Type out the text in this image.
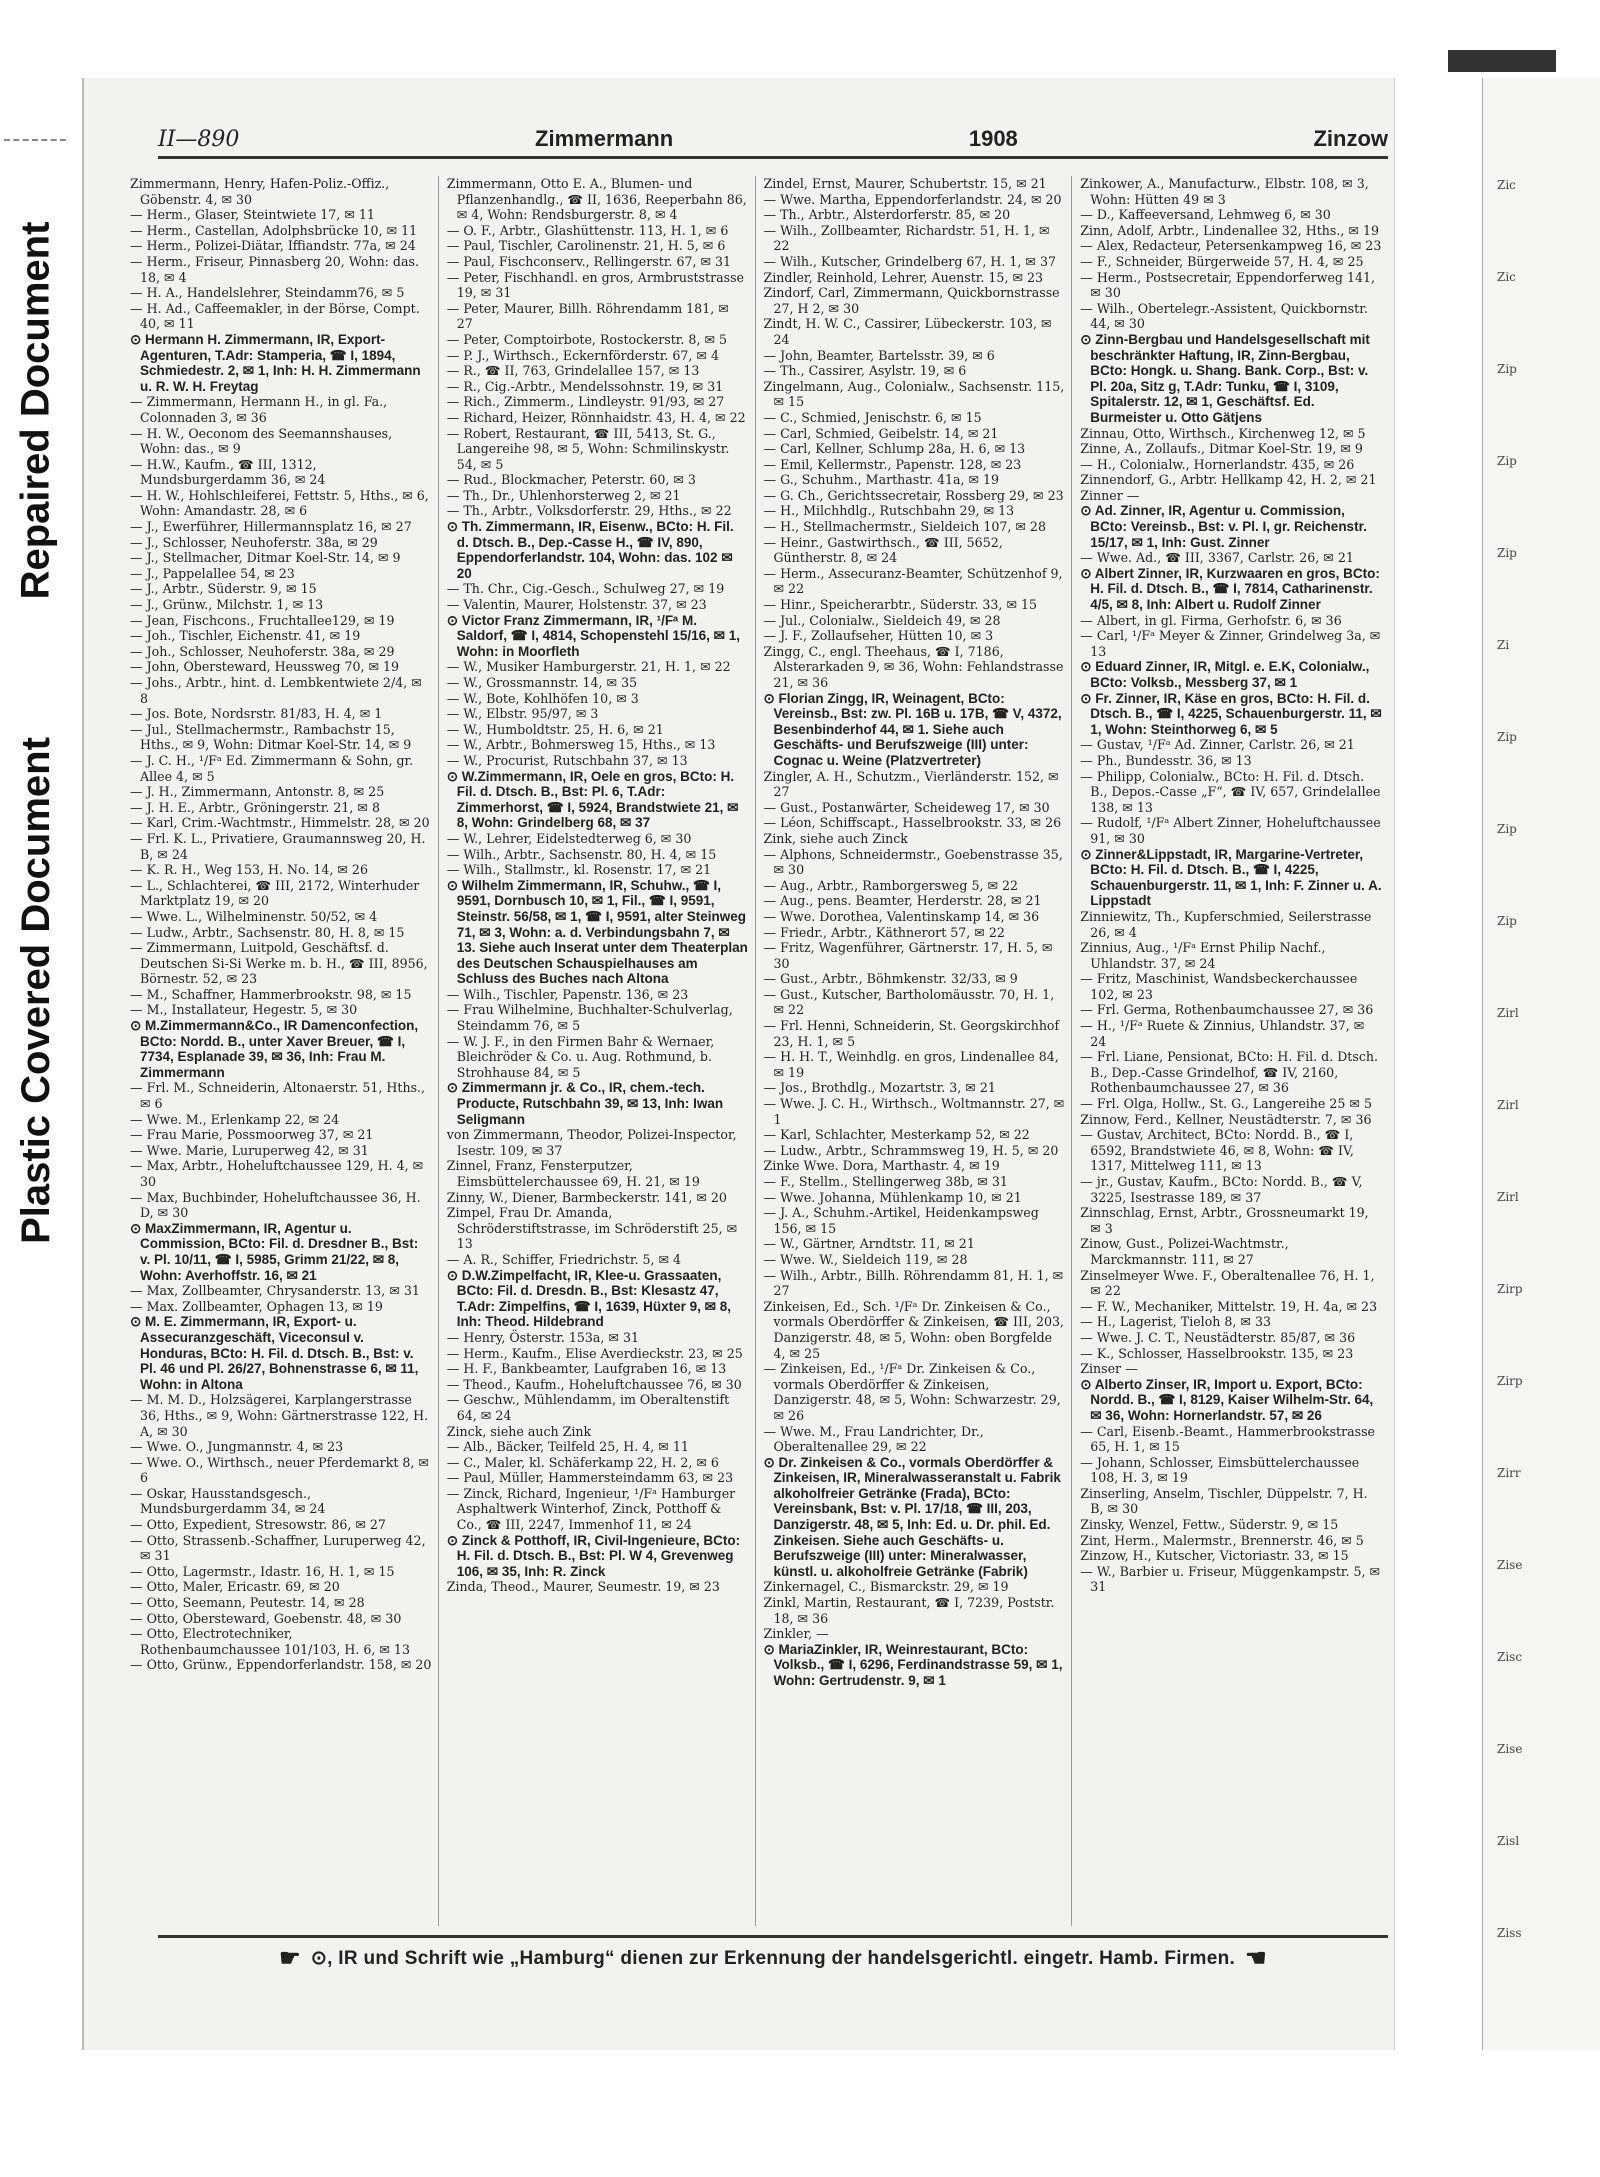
Repaired Document
Plastic Covered Document
Zic
Zic
Zip
Zip
Zip
Zi
Zip
Zip
Zip
Zirl
Zirl
Zirl
Zirp
Zirp
Zirr
Zise
Zisc
Zise
Zisl
Ziss
II—890	Zimmermann	1908	Zinzow
Zimmermann, Henry, Hafen-Poliz.-Offiz., Göbenstr. 4, ✉ 30
— Herm., Glaser, Steintwiete 17, ✉ 11
— Herm., Castellan, Adolphsbrücke 10, ✉ 11
— Herm., Polizei-Diätar, Iffiandstr. 77a, ✉ 24
— Herm., Friseur, Pinnasberg 20, Wohn: das. 18, ✉ 4
— H. A., Handelslehrer, Steindamm76, ✉ 5
— H. Ad., Caffeemakler, in der Börse, Compt. 40, ✉ 11
⊙ Hermann H. Zimmermann, IR, Export-Agenturen, T.Adr: Stamperia, ☎ I, 1894, Schmiedestr. 2, ✉ 1, Inh: H. H. Zimmermann u. R. W. H. Freytag
— Zimmermann, Hermann H., in gl. Fa., Colonnaden 3, ✉ 36
— H. W., Oeconom des Seemannshauses, Wohn: das., ✉ 9
— H.W., Kaufm., ☎ III, 1312, Mundsburgerdamm 36, ✉ 24
— H. W., Hohlschleiferei, Fettstr. 5, Hths., ✉ 6, Wohn: Amandastr. 28, ✉ 6
— J., Ewerführer, Hillermannsplatz 16, ✉ 27
— J., Schlosser, Neuhoferstr. 38a, ✉ 29
— J., Stellmacher, Ditmar Koel-Str. 14, ✉ 9
— J., Pappelallee 54, ✉ 23
— J., Arbtr., Süderstr. 9, ✉ 15
— J., Grünw., Milchstr. 1, ✉ 13
— Jean, Fischcons., Fruchtallee129, ✉ 19
— Joh., Tischler, Eichenstr. 41, ✉ 19
— Joh., Schlosser, Neuhoferstr. 38a, ✉ 29
— John, Obersteward, Heussweg 70, ✉ 19
— Johs., Arbtr., hint. d. Lembkentwiete 2/4, ✉ 8
— Jos. Bote, Nordsrstr. 81/83, H. 4, ✉ 1
— Jul., Stellmachermstr., Rambachstr 15, Hths., ✉ 9, Wohn: Ditmar Koel-Str. 14, ✉ 9
— J. C. H., ¹/Fᵃ Ed. Zimmermann & Sohn, gr. Allee 4, ✉ 5
— J. H., Zimmermann, Antonstr. 8, ✉ 25
— J. H. E., Arbtr., Gröningerstr. 21, ✉ 8
— Karl, Crim.-Wachtmstr., Himmelstr. 28, ✉ 20
— Frl. K. L., Privatiere, Graumannsweg 20, H. B, ✉ 24
— K. R. H., Weg 153, H. No. 14, ✉ 26
— L., Schlachterei, ☎ III, 2172, Winterhuder Marktplatz 19, ✉ 20
— Wwe. L., Wilhelminenstr. 50/52, ✉ 4
— Ludw., Arbtr., Sachsenstr. 80, H. 8, ✉ 15
— Zimmermann, Luitpold, Geschäftsf. d. Deutschen Si-Si Werke m. b. H., ☎ III, 8956, Börnestr. 52, ✉ 23
— M., Schaffner, Hammerbrookstr. 98, ✉ 15
— M., Installateur, Hegestr. 5, ✉ 30
⊙ M.Zimmermann&Co., IR Damenconfection, BCto: Nordd. B., unter Xaver Breuer, ☎ I, 7734, Esplanade 39, ✉ 36, Inh: Frau M. Zimmermann
— Frl. M., Schneiderin, Altonaerstr. 51, Hths., ✉ 6
— Wwe. M., Erlenkamp 22, ✉ 24
— Frau Marie, Possmoorweg 37, ✉ 21
— Wwe. Marie, Luruperweg 42, ✉ 31
— Max, Arbtr., Hoheluftchaussee 129, H. 4, ✉ 30
— Max, Buchbinder, Hoheluftchaussee 36, H. D, ✉ 30
⊙ MaxZimmermann, IR, Agentur u. Commission, BCto: Fil. d. Dresdner B., Bst: v. Pl. 10/11, ☎ I, 5985, Grimm 21/22, ✉ 8, Wohn: Averhoffstr. 16, ✉ 21
— Max, Zollbeamter, Chrysanderstr. 13, ✉ 31
— Max. Zollbeamter, Ophagen 13, ✉ 19
⊙ M. E. Zimmermann, IR, Export- u. Assecuranzgeschäft, Viceconsul v. Honduras, BCto: H. Fil. d. Dtsch. B., Bst: v. Pl. 46 und Pl. 26/27, Bohnenstrasse 6, ✉ 11, Wohn: in Altona
— M. M. D., Holzsägerei, Karplangerstrasse 36, Hths., ✉ 9, Wohn: Gärtnerstrasse 122, H. A, ✉ 30
— Wwe. O., Jungmannstr. 4, ✉ 23
— Wwe. O., Wirthsch., neuer Pferdemarkt 8, ✉ 6
— Oskar, Hausstandsgesch., Mundsburgerdamm 34, ✉ 24
— Otto, Expedient, Stresowstr. 86, ✉ 27
— Otto, Strassenb.-Schaffner, Luruperweg 42, ✉ 31
— Otto, Lagermstr., Idastr. 16, H. 1, ✉ 15
— Otto, Maler, Ericastr. 69, ✉ 20
— Otto, Seemann, Peutestr. 14, ✉ 28
— Otto, Obersteward, Goebenstr. 48, ✉ 30
— Otto, Electrotechniker, Rothenbaumchaussee 101/103, H. 6, ✉ 13
— Otto, Grünw., Eppendorferlandstr. 158, ✉ 20
Zimmermann, Otto E. A., Blumen- und Pflanzenhandlg., ☎ II, 1636, Reeperbahn 86, ✉ 4, Wohn: Rendsburgerstr. 8, ✉ 4
— O. F., Arbtr., Glashüttenstr. 113, H. 1, ✉ 6
— Paul, Tischler, Carolinenstr. 21, H. 5, ✉ 6
— Paul, Fischconserv., Rellingerstr. 67, ✉ 31
— Peter, Fischhandl. en gros, Armbruststrasse 19, ✉ 31
— Peter, Maurer, Billh. Röhrendamm 181, ✉ 27
— Peter, Comptoirbote, Rostockerstr. 8, ✉ 5
— P. J., Wirthsch., Eckernförderstr. 67, ✉ 4
— R., ☎ II, 763, Grindelallee 157, ✉ 13
— R., Cig.-Arbtr., Mendelssohnstr. 19, ✉ 31
— Rich., Zimmerm., Lindleystr. 91/93, ✉ 27
— Richard, Heizer, Rönnhaidstr. 43, H. 4, ✉ 22
— Robert, Restaurant, ☎ III, 5413, St. G., Langereihe 98, ✉ 5, Wohn: Schmilinskystr. 54, ✉ 5
— Rud., Blockmacher, Peterstr. 60, ✉ 3
— Th., Dr., Uhlenhorsterweg 2, ✉ 21
— Th., Arbtr., Volksdorferstr. 29, Hths., ✉ 22
⊙ Th. Zimmermann, IR, Eisenw., BCto: H. Fil. d. Dtsch. B., Dep.-Casse H., ☎ IV, 890, Eppendorferlandstr. 104, Wohn: das. 102 ✉ 20
— Th. Chr., Cig.-Gesch., Schulweg 27, ✉ 19
— Valentin, Maurer, Holstenstr. 37, ✉ 23
⊙ Victor Franz Zimmermann, IR, ¹/Fᵃ M. Saldorf, ☎ I, 4814, Schopenstehl 15/16, ✉ 1, Wohn: in Moorfleth
— W., Musiker Hamburgerstr. 21, H. 1, ✉ 22
— W., Grossmannstr. 14, ✉ 35
— W., Bote, Kohlhöfen 10, ✉ 3
— W., Elbstr. 95/97, ✉ 3
— W., Humboldtstr. 25, H. 6, ✉ 21
— W., Arbtr., Bohmersweg 15, Hths., ✉ 13
— W., Procurist, Rutschbahn 37, ✉ 13
⊙ W.Zimmermann, IR, Oele en gros, BCto: H. Fil. d. Dtsch. B., Bst: Pl. 6, T.Adr: Zimmerhorst, ☎ I, 5924, Brandstwiete 21, ✉ 8, Wohn: Grindelberg 68, ✉ 37
— W., Lehrer, Eidelstedterweg 6, ✉ 30
— Wilh., Arbtr., Sachsenstr. 80, H. 4, ✉ 15
— Wilh., Stallmstr., kl. Rosenstr. 17, ✉ 21
⊙ Wilhelm Zimmermann, IR, Schuhw., ☎ I, 9591, Dornbusch 10, ✉ 1, Fil., ☎ I, 9591, Steinstr. 56/58, ✉ 1, ☎ I, 9591, alter Steinweg 71, ✉ 3, Wohn: a. d. Verbindungsbahn 7, ✉ 13. Siehe auch Inserat unter dem Theaterplan des Deutschen Schauspielhauses am Schluss des Buches nach Altona
— Wilh., Tischler, Papenstr. 136, ✉ 23
— Frau Wilhelmine, Buchhalter-Schulverlag, Steindamm 76, ✉ 5
— W. J. F., in den Firmen Bahr & Wernaer, Bleichröder & Co. u. Aug. Rothmund, b. Strohhause 84, ✉ 5
⊙ Zimmermann jr. & Co., IR, chem.-tech. Producte, Rutschbahn 39, ✉ 13, Inh: Iwan Seligmann
von Zimmermann, Theodor, Polizei-Inspector, Isestr. 109, ✉ 37
Zinnel, Franz, Fensterputzer, Eimsbüttelerchaussee 69, H. 21, ✉ 19
Zinny, W., Diener, Barmbeckerstr. 141, ✉ 20
Zimpel, Frau Dr. Amanda, Schröderstiftstrasse, im Schröderstift 25, ✉ 13
— A. R., Schiffer, Friedrichstr. 5, ✉ 4
⊙ D.W.Zimpelfacht, IR, Klee-u. Grassaaten, BCto: Fil. d. Dresdn. B., Bst: Klesastz 47, T.Adr: Zimpelfins, ☎ I, 1639, Hüxter 9, ✉ 8, Inh: Theod. Hildebrand
— Henry, Österstr. 153a, ✉ 31
— Herm., Kaufm., Elise Averdieckstr. 23, ✉ 25
— H. F., Bankbeamter, Laufgraben 16, ✉ 13
— Theod., Kaufm., Hoheluftchaussee 76, ✉ 30
— Geschw., Mühlendamm, im Oberaltenstift 64, ✉ 24
Zinck, siehe auch Zink
— Alb., Bäcker, Teilfeld 25, H. 4, ✉ 11
— C., Maler, kl. Schäferkamp 22, H. 2, ✉ 6
— Paul, Müller, Hammersteindamm 63, ✉ 23
— Zinck, Richard, Ingenieur, ¹/Fᵃ Hamburger Asphaltwerk Winterhof, Zinck, Potthoff & Co., ☎ III, 2247, Immenhof 11, ✉ 24
⊙ Zinck & Potthoff, IR, Civil-Ingenieure, BCto: H. Fil. d. Dtsch. B., Bst: Pl. W 4, Grevenweg 106, ✉ 35, Inh: R. Zinck
Zinda, Theod., Maurer, Seumestr. 19, ✉ 23
Zindel, Ernst, Maurer, Schubertstr. 15, ✉ 21
— Wwe. Martha, Eppendorferlandstr. 24, ✉ 20
— Th., Arbtr., Alsterdorferstr. 85, ✉ 20
— Wilh., Zollbeamter, Richardstr. 51, H. 1, ✉ 22
— Wilh., Kutscher, Grindelberg 67, H. 1, ✉ 37
Zindler, Reinhold, Lehrer, Auenstr. 15, ✉ 23
Zindorf, Carl, Zimmermann, Quickbornstrasse 27, H 2, ✉ 30
Zindt, H. W. C., Cassirer, Lübeckerstr. 103, ✉ 24
— John, Beamter, Bartelsstr. 39, ✉ 6
— Th., Cassirer, Asylstr. 19, ✉ 6
Zingelmann, Aug., Colonialw., Sachsenstr. 115, ✉ 15
— C., Schmied, Jenischstr. 6, ✉ 15
— Carl, Schmied, Geibelstr. 14, ✉ 21
— Carl, Kellner, Schlump 28a, H. 6, ✉ 13
— Emil, Kellermstr., Papenstr. 128, ✉ 23
— G., Schuhm., Marthastr. 41a, ✉ 19
— G. Ch., Gerichtssecretair, Rossberg 29, ✉ 23
— H., Milchhdlg., Rutschbahn 29, ✉ 13
— H., Stellmachermstr., Sieldeich 107, ✉ 28
— Heinr., Gastwirthsch., ☎ III, 5652, Güntherstr. 8, ✉ 24
— Herm., Assecuranz-Beamter, Schützenhof 9, ✉ 22
— Hinr., Speicherarbtr., Süderstr. 33, ✉ 15
— Jul., Colonialw., Sieldeich 49, ✉ 28
— J. F., Zollaufseher, Hütten 10, ✉ 3
Zingg, C., engl. Theehaus, ☎ I, 7186, Alsterarkaden 9, ✉ 36, Wohn: Fehlandstrasse 21, ✉ 36
⊙ Florian Zingg, IR, Weinagent, BCto: Vereinsb., Bst: zw. Pl. 16B u. 17B, ☎ V, 4372, Besenbinderhof 44, ✉ 1. Siehe auch Geschäfts- und Berufszweige (III) unter: Cognac u. Weine (Platzvertreter)
Zingler, A. H., Schutzm., Vierländerstr. 152, ✉ 27
— Gust., Postanwärter, Scheideweg 17, ✉ 30
— Léon, Schiffscapt., Hasselbrookstr. 33, ✉ 26
Zink, siehe auch Zinck
— Alphons, Schneidermstr., Goebenstrasse 35, ✉ 30
— Aug., Arbtr., Ramborgersweg 5, ✉ 22
— Aug., pens. Beamter, Herderstr. 28, ✉ 21
— Wwe. Dorothea, Valentinskamp 14, ✉ 36
— Friedr., Arbtr., Käthnerort 57, ✉ 22
— Fritz, Wagenführer, Gärtnerstr. 17, H. 5, ✉ 30
— Gust., Arbtr., Böhmkenstr. 32/33, ✉ 9
— Gust., Kutscher, Bartholomäusstr. 70, H. 1, ✉ 22
— Frl. Henni, Schneiderin, St. Georgskirchhof 23, H. 1, ✉ 5
— H. H. T., Weinhdlg. en gros, Lindenallee 84, ✉ 19
— Jos., Brothdlg., Mozartstr. 3, ✉ 21
— Wwe. J. C. H., Wirthsch., Woltmannstr. 27, ✉ 1
— Karl, Schlachter, Mesterkamp 52, ✉ 22
— Ludw., Arbtr., Schrammsweg 19, H. 5, ✉ 20
Zinke Wwe. Dora, Marthastr. 4, ✉ 19
— F., Stellm., Stellingerweg 38b, ✉ 31
— Wwe. Johanna, Mühlenkamp 10, ✉ 21
— J. A., Schuhm.-Artikel, Heidenkampsweg 156, ✉ 15
— W., Gärtner, Arndtstr. 11, ✉ 21
— Wwe. W., Sieldeich 119, ✉ 28
— Wilh., Arbtr., Billh. Röhrendamm 81, H. 1, ✉ 27
Zinkeisen, Ed., Sch. ¹/Fᵃ Dr. Zinkeisen & Co., vormals Oberdörffer & Zinkeisen, ☎ III, 203, Danzigerstr. 48, ✉ 5, Wohn: oben Borgfelde 4, ✉ 25
— Zinkeisen, Ed., ¹/Fᵃ Dr. Zinkeisen & Co., vormals Oberdörffer & Zinkeisen, Danzigerstr. 48, ✉ 5, Wohn: Schwarzestr. 29, ✉ 26
— Wwe. M., Frau Landrichter, Dr., Oberaltenallee 29, ✉ 22
⊙ Dr. Zinkeisen & Co., vormals Oberdörffer & Zinkeisen, IR, Mineralwasseranstalt u. Fabrik alkoholfreier Getränke (Frada), BCto: Vereinsbank, Bst: v. Pl. 17/18, ☎ III, 203, Danzigerstr. 48, ✉ 5, Inh: Ed. u. Dr. phil. Ed. Zinkeisen. Siehe auch Geschäfts- u. Berufszweige (III) unter: Mineralwasser, künstl. u. alkoholfreie Getränke (Fabrik)
Zinkernagel, C., Bismarckstr. 29, ✉ 19
Zinkl, Martin, Restaurant, ☎ I, 7239, Poststr. 18, ✉ 36
Zinkler, —
⊙ MariaZinkler, IR, Weinrestaurant, BCto: Volksb., ☎ I, 6296, Ferdinandstrasse 59, ✉ 1, Wohn: Gertrudenstr. 9, ✉ 1
Zinkower, A., Manufacturw., Elbstr. 108, ✉ 3, Wohn: Hütten 49 ✉ 3
— D., Kaffeeversand, Lehmweg 6, ✉ 30
Zinn, Adolf, Arbtr., Lindenallee 32, Hths., ✉ 19
— Alex, Redacteur, Petersenkampweg 16, ✉ 23
— F., Schneider, Bürgerweide 57, H. 4, ✉ 25
— Herm., Postsecretair, Eppendorferweg 141, ✉ 30
— Wilh., Obertelegr.-Assistent, Quickbornstr. 44, ✉ 30
⊙ Zinn-Bergbau und Handelsgesellschaft mit beschränkter Haftung, IR, Zinn-Bergbau, BCto: Hongk. u. Shang. Bank. Corp., Bst: v. Pl. 20a, Sitz g, T.Adr: Tunku, ☎ I, 3109, Spitalerstr. 12, ✉ 1, Geschäftsf. Ed. Burmeister u. Otto Gätjens
Zinnau, Otto, Wirthsch., Kirchenweg 12, ✉ 5
Zinne, A., Zollaufs., Ditmar Koel-Str. 19, ✉ 9
— H., Colonialw., Hornerlandstr. 435, ✉ 26
Zinnendorf, G., Arbtr. Hellkamp 42, H. 2, ✉ 21
Zinner —
⊙ Ad. Zinner, IR, Agentur u. Commission, BCto: Vereinsb., Bst: v. Pl. I, gr. Reichenstr. 15/17, ✉ 1, Inh: Gust. Zinner
— Wwe. Ad., ☎ III, 3367, Carlstr. 26, ✉ 21
⊙ Albert Zinner, IR, Kurzwaaren en gros, BCto: H. Fil. d. Dtsch. B., ☎ I, 7814, Catharinenstr. 4/5, ✉ 8, Inh: Albert u. Rudolf Zinner
— Albert, in gl. Firma, Gerhofstr. 6, ✉ 36
— Carl, ¹/Fᵃ Meyer & Zinner, Grindelweg 3a, ✉ 13
⊙ Eduard Zinner, IR, Mitgl. e. E.K, Colonialw., BCto: Volksb., Messberg 37, ✉ 1
⊙ Fr. Zinner, IR, Käse en gros, BCto: H. Fil. d. Dtsch. B., ☎ I, 4225, Schauenburgerstr. 11, ✉ 1, Wohn: Steinthorweg 6, ✉ 5
— Gustav, ¹/Fᵃ Ad. Zinner, Carlstr. 26, ✉ 21
— Ph., Bundesstr. 36, ✉ 13
— Philipp, Colonialw., BCto: H. Fil. d. Dtsch. B., Depos.-Casse „F“, ☎ IV, 657, Grindelallee 138, ✉ 13
— Rudolf, ¹/Fᵃ Albert Zinner, Hoheluftchaussee 91, ✉ 30
⊙ Zinner&Lippstadt, IR, Margarine-Vertreter, BCto: H. Fil. d. Dtsch. B., ☎ I, 4225, Schauenburgerstr. 11, ✉ 1, Inh: F. Zinner u. A. Lippstadt
Zinniewitz, Th., Kupferschmied, Seilerstrasse 26, ✉ 4
Zinnius, Aug., ¹/Fᵃ Ernst Philip Nachf., Uhlandstr. 37, ✉ 24
— Fritz, Maschinist, Wandsbeckerchaussee 102, ✉ 23
— Frl. Germa, Rothenbaumchaussee 27, ✉ 36
— H., ¹/Fᵃ Ruete & Zinnius, Uhlandstr. 37, ✉ 24
— Frl. Liane, Pensionat, BCto: H. Fil. d. Dtsch. B., Dep.-Casse Grindelhof, ☎ IV, 2160, Rothenbaumchaussee 27, ✉ 36
— Frl. Olga, Hollw., St. G., Langereihe 25 ✉ 5
Zinnow, Ferd., Kellner, Neustädterstr. 7, ✉ 36
— Gustav, Architect, BCto: Nordd. B., ☎ I, 6592, Brandstwiete 46, ✉ 8, Wohn: ☎ IV, 1317, Mittelweg 111, ✉ 13
— jr., Gustav, Kaufm., BCto: Nordd. B., ☎ V, 3225, Isestrasse 189, ✉ 37
Zinnschlag, Ernst, Arbtr., Grossneumarkt 19, ✉ 3
Zinow, Gust., Polizei-Wachtmstr., Marckmannstr. 111, ✉ 27
Zinselmeyer Wwe. F., Oberaltenallee 76, H. 1, ✉ 22
— F. W., Mechaniker, Mittelstr. 19, H. 4a, ✉ 23
— H., Lagerist, Tieloh 8, ✉ 33
— Wwe. J. C. T., Neustädterstr. 85/87, ✉ 36
— K., Schlosser, Hasselbrookstr. 135, ✉ 23
Zinser —
⊙ Alberto Zinser, IR, Import u. Export, BCto: Nordd. B., ☎ I, 8129, Kaiser Wilhelm-Str. 64, ✉ 36, Wohn: Hornerlandstr. 57, ✉ 26
— Carl, Eisenb.-Beamt., Hammerbrookstrasse 65, H. 1, ✉ 15
— Johann, Schlosser, Eimsbüttelerchaussee 108, H. 3, ✉ 19
Zinserling, Anselm, Tischler, Düppelstr. 7, H. B, ✉ 30
Zinsky, Wenzel, Fettw., Süderstr. 9, ✉ 15
Zint, Herm., Malermstr., Brennerstr. 46, ✉ 5
Zinzow, H., Kutscher, Victoriastr. 33, ✉ 15
— W., Barbier u. Friseur, Müggenkampstr. 5, ✉ 31
☛ ⊙, IR und Schrift wie „Hamburg“ dienen zur Erkennung der handelsgerichtl. eingetr. Hamb. Firmen. ☚
